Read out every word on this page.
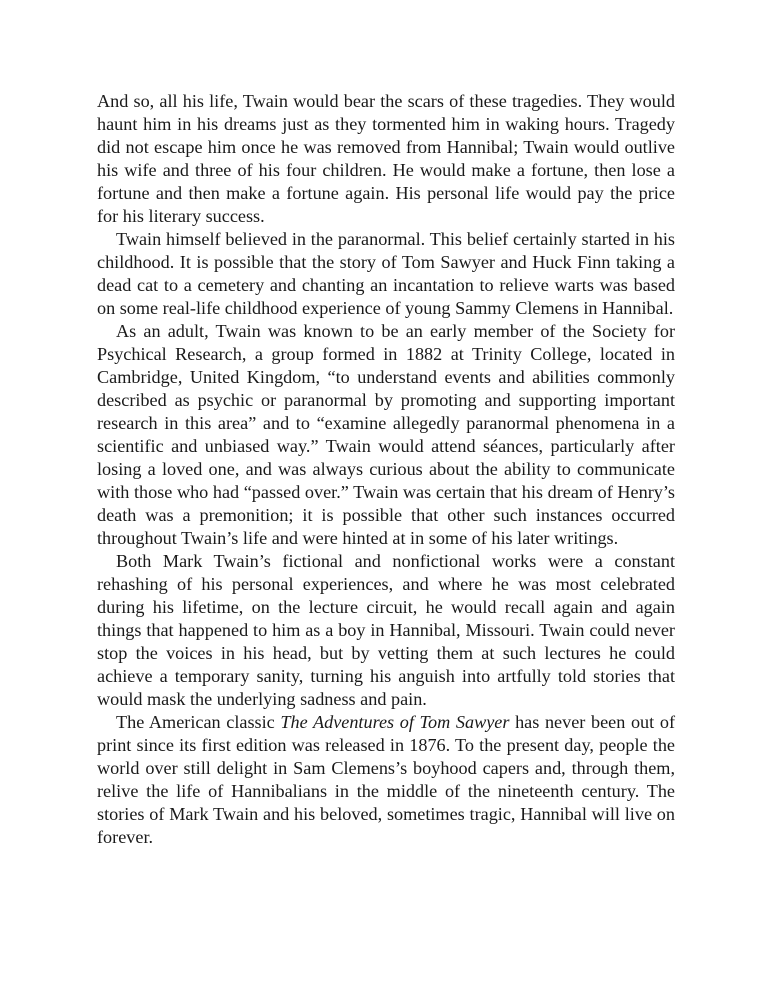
And so, all his life, Twain would bear the scars of these tragedies. They would haunt him in his dreams just as they tormented him in waking hours. Tragedy did not escape him once he was removed from Hannibal; Twain would outlive his wife and three of his four children. He would make a fortune, then lose a fortune and then make a fortune again. His personal life would pay the price for his literary success.

Twain himself believed in the paranormal. This belief certainly started in his childhood. It is possible that the story of Tom Sawyer and Huck Finn taking a dead cat to a cemetery and chanting an incantation to relieve warts was based on some real-life childhood experience of young Sammy Clemens in Hannibal.

As an adult, Twain was known to be an early member of the Society for Psychical Research, a group formed in 1882 at Trinity College, located in Cambridge, United Kingdom, “to understand events and abilities commonly described as psychic or paranormal by promoting and supporting important research in this area” and to “examine allegedly paranormal phenomena in a scientific and unbiased way.” Twain would attend séances, particularly after losing a loved one, and was always curious about the ability to communicate with those who had “passed over.” Twain was certain that his dream of Henry’s death was a premonition; it is possible that other such instances occurred throughout Twain’s life and were hinted at in some of his later writings.

Both Mark Twain’s fictional and nonfictional works were a constant rehashing of his personal experiences, and where he was most celebrated during his lifetime, on the lecture circuit, he would recall again and again things that happened to him as a boy in Hannibal, Missouri. Twain could never stop the voices in his head, but by vetting them at such lectures he could achieve a temporary sanity, turning his anguish into artfully told stories that would mask the underlying sadness and pain.

The American classic The Adventures of Tom Sawyer has never been out of print since its first edition was released in 1876. To the present day, people the world over still delight in Sam Clemens’s boyhood capers and, through them, relive the life of Hannibalians in the middle of the nineteenth century. The stories of Mark Twain and his beloved, sometimes tragic, Hannibal will live on forever.
